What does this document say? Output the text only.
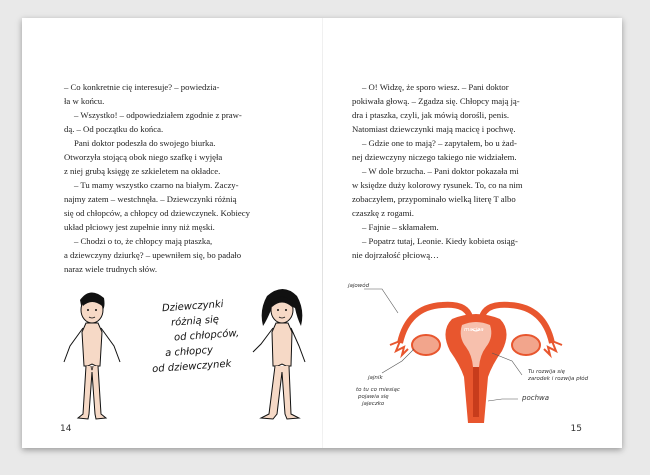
– Co konkretnie cię interesuje? – powiedzia-
ła w końcu.
– Wszystko! – odpowiedziałem zgodnie z praw-
dą. – Od początku do końca.
Pani doktor podeszła do swojego biurka.
Otworzyła stojącą obok niego szafkę i wyjęła
z niej grubą księgę ze szkieletem na okładce.
– Tu mamy wszystko czarno na białym. Zaczy-
najmy zatem – westchnęła. – Dziewczynki różnią
się od chłopców, a chłopcy od dziewczynek. Kobiecy
układ płciowy jest zupełnie inny niż męski.
– Chodzi o to, że chłopcy mają ptaszka,
a dziewczyny dziurkę? – upewniłem się, bo padało
naraz wiele trudnych słów.
Dziewczynki
różnią się
od chłopców,
a chłopcy
od dziewczynek
14
– O! Widzę, że sporo wiesz. – Pani doktor
pokiwała głową. – Zgadza się. Chłopcy mają ją-
dra i ptaszka, czyli, jak mówią dorośli, penis.
Natomiast dziewczynki mają macicę i pochwę.
– Gdzie one to mają? – zapytałem, bo u żad-
nej dziewczyny niczego takiego nie widziałem.
– W dole brzucha. – Pani doktor pokazała mi
w księdze duży kolorowy rysunek. To, co na nim
zobaczyłem, przypominało wielką literę T albo
czaszkę z rogami.
– Fajnie – skłamałem.
– Popatrz tutaj, Leonie. Kiedy kobieta osiąg-
nie dojrzałość płciową…
jajowód
macica
jajnik
to tu co miesiąc
pojawia się
jajeczko
Tu rozwija się
zarodek i rozwija płód
pochwa
15
